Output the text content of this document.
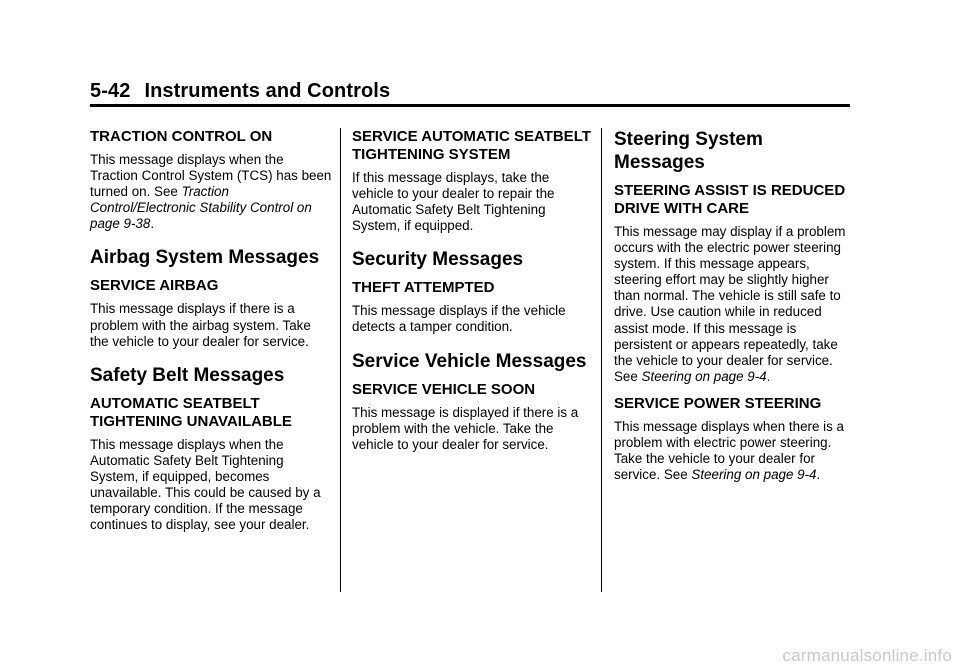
5-42 Instruments and Controls
TRACTION CONTROL ON
This message displays when the Traction Control System (TCS) has been turned on. See Traction Control/Electronic Stability Control on page 9-38.
Airbag System Messages
SERVICE AIRBAG
This message displays if there is a problem with the airbag system. Take the vehicle to your dealer for service.
Safety Belt Messages
AUTOMATIC SEATBELT TIGHTENING UNAVAILABLE
This message displays when the Automatic Safety Belt Tightening System, if equipped, becomes unavailable. This could be caused by a temporary condition. If the message continues to display, see your dealer.
SERVICE AUTOMATIC SEATBELT TIGHTENING SYSTEM
If this message displays, take the vehicle to your dealer to repair the Automatic Safety Belt Tightening System, if equipped.
Security Messages
THEFT ATTEMPTED
This message displays if the vehicle detects a tamper condition.
Service Vehicle Messages
SERVICE VEHICLE SOON
This message is displayed if there is a problem with the vehicle. Take the vehicle to your dealer for service.
Steering System Messages
STEERING ASSIST IS REDUCED DRIVE WITH CARE
This message may display if a problem occurs with the electric power steering system. If this message appears, steering effort may be slightly higher than normal. The vehicle is still safe to drive. Use caution while in reduced assist mode. If this message is persistent or appears repeatedly, take the vehicle to your dealer for service. See Steering on page 9-4.
SERVICE POWER STEERING
This message displays when there is a problem with electric power steering. Take the vehicle to your dealer for service. See Steering on page 9-4.
carmanualsonline.info
